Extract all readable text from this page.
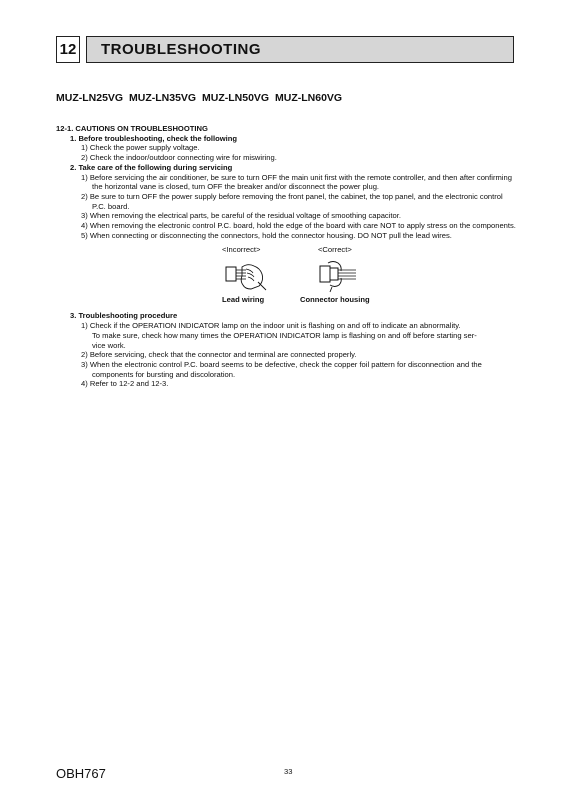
12 TROUBLESHOOTING
MUZ-LN25VG MUZ-LN35VG MUZ-LN50VG MUZ-LN60VG
12-1. CAUTIONS ON TROUBLESHOOTING
1. Before troubleshooting, check the following
1) Check the power supply voltage.
2) Check the indoor/outdoor connecting wire for miswiring.
2. Take care of the following during servicing
1) Before servicing the air conditioner, be sure to turn OFF the main unit first with the remote controller, and then after confirming the horizontal vane is closed, turn OFF the breaker and/or disconnect the power plug.
2) Be sure to turn OFF the power supply before removing the front panel, the cabinet, the top panel, and the electronic control P.C. board.
3) When removing the electrical parts, be careful of the residual voltage of smoothing capacitor.
4) When removing the electronic control P.C. board, hold the edge of the board with care NOT to apply stress on the components.
5) When connecting or disconnecting the connectors, hold the connector housing. DO NOT pull the lead wires.
<Incorrect>	<Correct>
Lead wiring	Connector housing
3. Troubleshooting procedure
1) Check if the OPERATION INDICATOR lamp on the indoor unit is flashing on and off to indicate an abnormality.
To make sure, check how many times the OPERATION INDICATOR lamp is flashing on and off before starting ser-
vice work.
2) Before servicing, check that the connector and terminal are connected properly.
3) When the electronic control P.C. board seems to be defective, check the copper foil pattern for disconnection and the components for bursting and discoloration.
4) Refer to 12-2 and 12-3.
OBH767	33
